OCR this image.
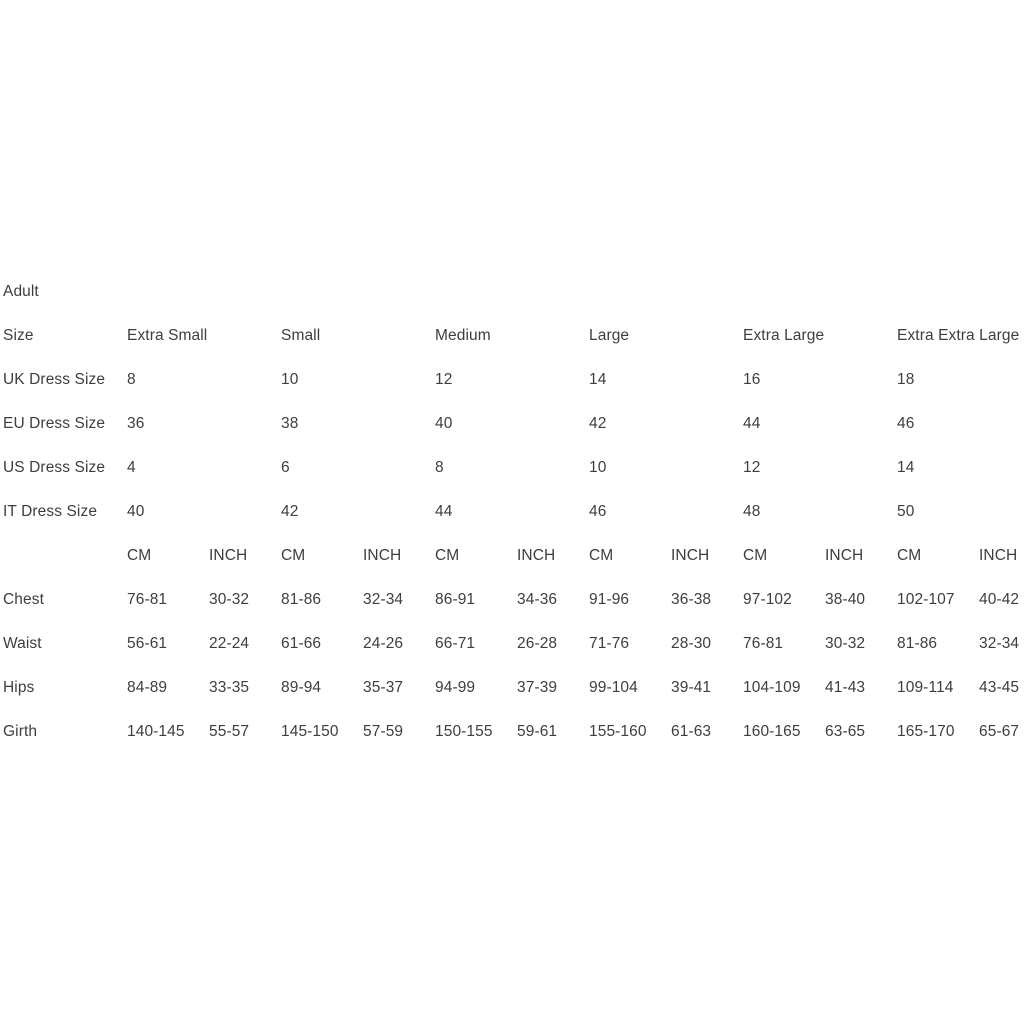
Adult
Size	Extra Small	Small	Medium	Large	Extra Large	Extra Extra Large
UK Dress Size	8	10	12	14	16	18
EU Dress Size	36	38	40	42	44	46
US Dress Size	4	6	8	10	12	14
IT Dress Size	40	42	44	46	48	50
CM	INCH	CM	INCH	CM	INCH	CM	INCH	CM	INCH	CM	INCH
Chest	76-81	30-32	81-86	32-34	86-91	34-36	91-96	36-38	97-102	38-40	102-107	40-42
Waist	56-61	22-24	61-66	24-26	66-71	26-28	71-76	28-30	76-81	30-32	81-86	32-34
Hips	84-89	33-35	89-94	35-37	94-99	37-39	99-104	39-41	104-109	41-43	109-114	43-45
Girth	140-145	55-57	145-150	57-59	150-155	59-61	155-160	61-63	160-165	63-65	165-170	65-67
